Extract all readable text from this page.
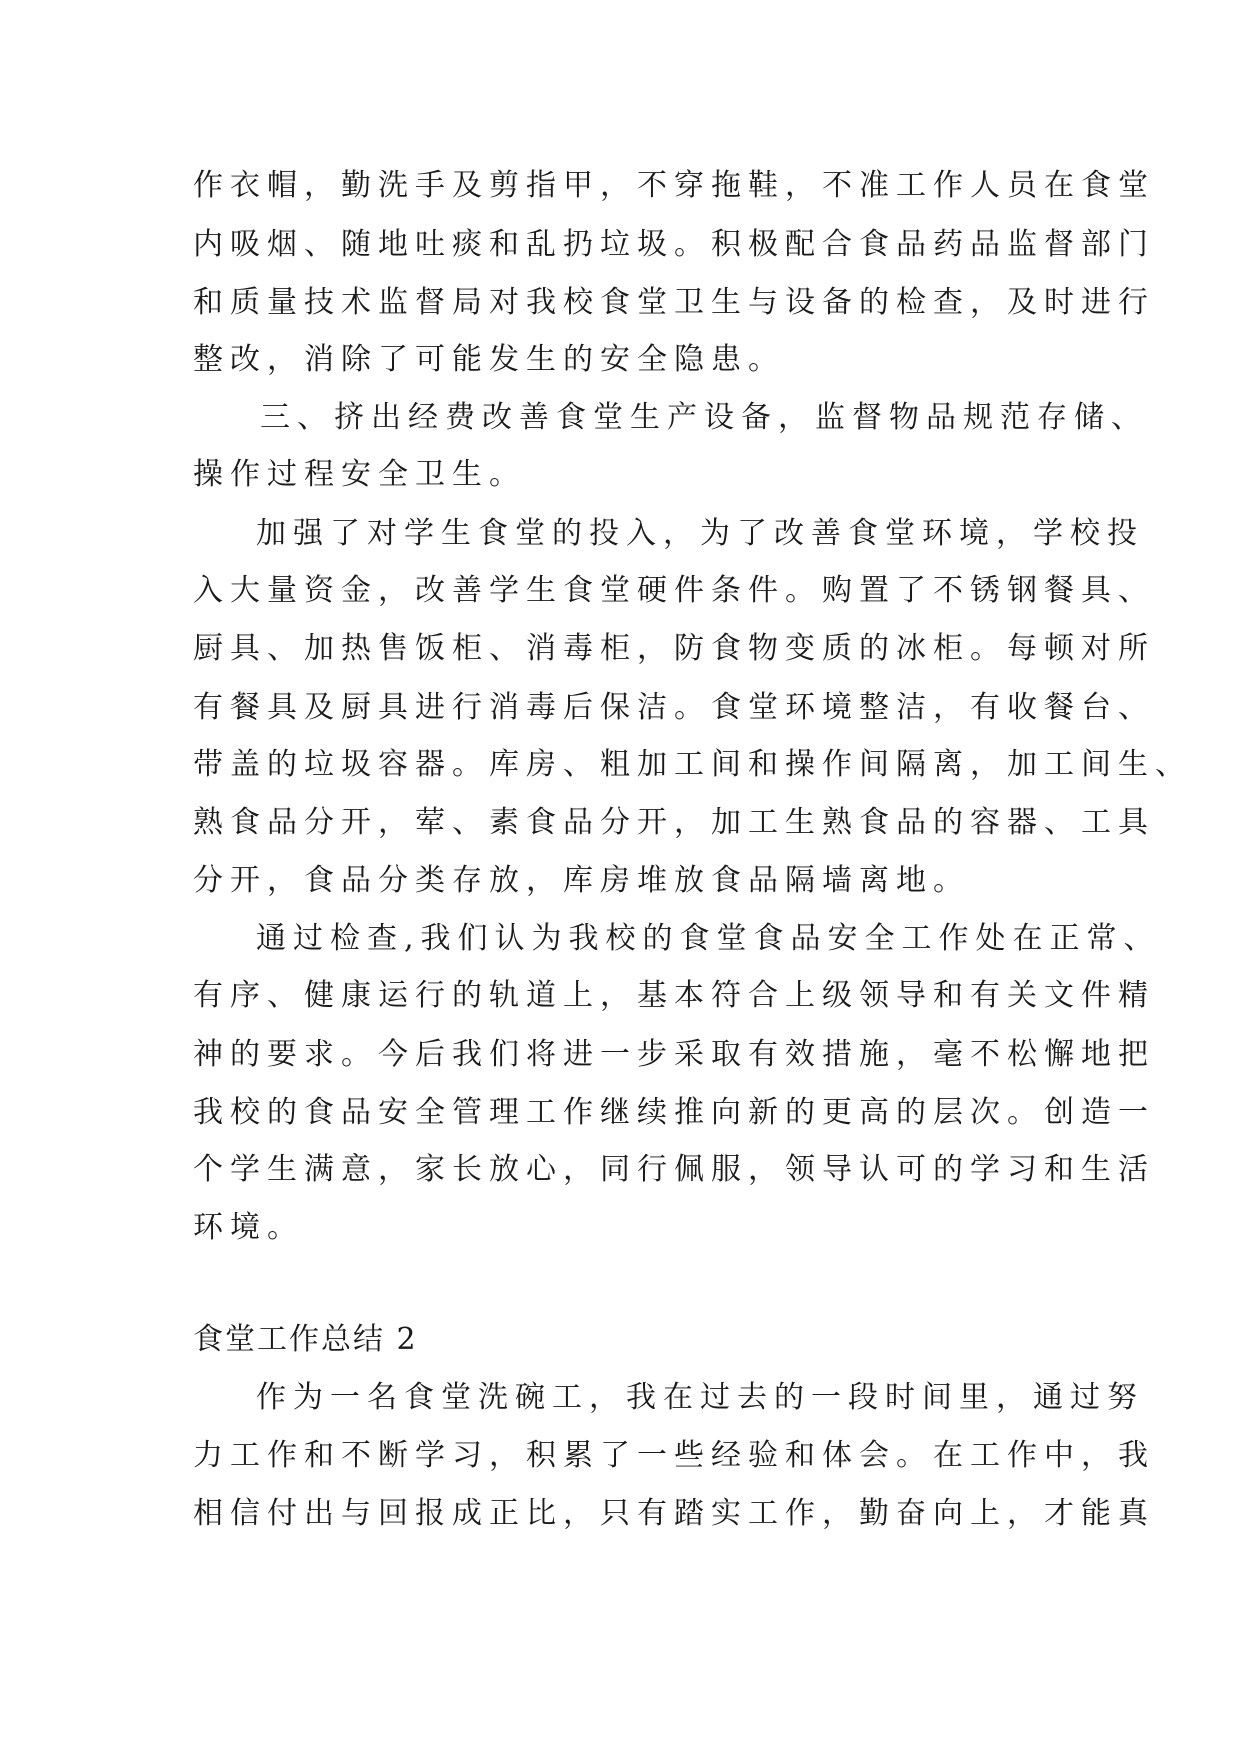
作衣帽，勤洗手及剪指甲，不穿拖鞋，不准工作人员在食堂
内吸烟、随地吐痰和乱扔垃圾。积极配合食品药品监督部门
和质量技术监督局对我校食堂卫生与设备的检查，及时进行
整改，消除了可能发生的安全隐患。
三、挤出经费改善食堂生产设备，监督物品规范存储、
操作过程安全卫生。
加强了对学生食堂的投入，为了改善食堂环境，学校投
入大量资金，改善学生食堂硬件条件。购置了不锈钢餐具、
厨具、加热售饭柜、消毒柜，防食物变质的冰柜。每顿对所
有餐具及厨具进行消毒后保洁。食堂环境整洁，有收餐台、
带盖的垃圾容器。库房、粗加工间和操作间隔离，加工间生、
熟食品分开，荤、素食品分开，加工生熟食品的容器、工具
分开，食品分类存放，库房堆放食品隔墙离地。
通过检查,我们认为我校的食堂食品安全工作处在正常、
有序、健康运行的轨道上，基本符合上级领导和有关文件精
神的要求。今后我们将进一步采取有效措施，毫不松懈地把
我校的食品安全管理工作继续推向新的更高的层次。创造一
个学生满意，家长放心，同行佩服，领导认可的学习和生活
环境。
食堂工作总结 2
作为一名食堂洗碗工，我在过去的一段时间里，通过努
力工作和不断学习，积累了一些经验和体会。在工作中，我
相信付出与回报成正比，只有踏实工作，勤奋向上，才能真
